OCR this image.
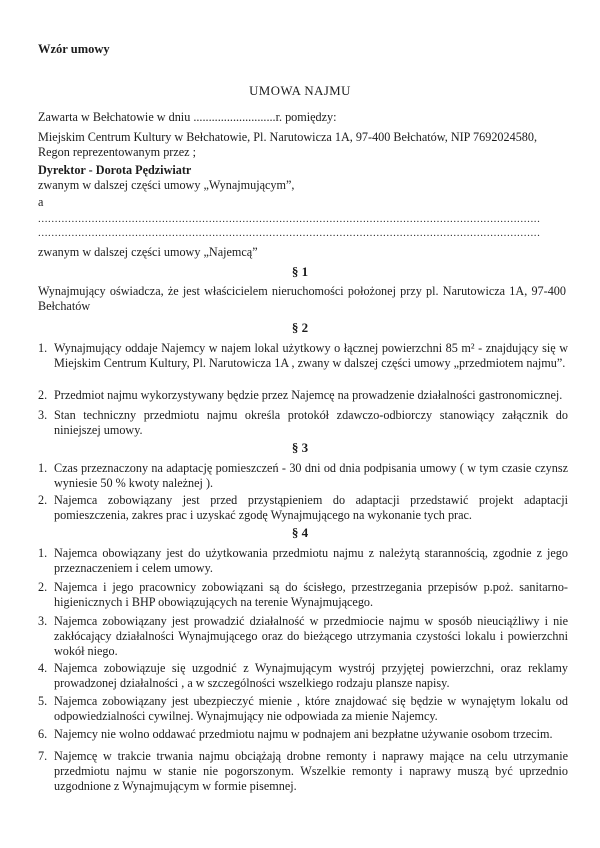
Wzór umowy
UMOWA NAJMU
Zawarta w Bełchatowie w dniu ...........................r. pomiędzy:
Miejskim Centrum Kultury w Bełchatowie, Pl. Narutowicza 1A, 97-400 Bełchatów, NIP 7692024580,
Regon reprezentowanym przez ;
Dyrektor - Dorota Pędziwiatr
zwanym w dalszej części umowy „Wynajmującym”,
a
......................................................................................................................................................
......................................................................................................................................................
zwanym w dalszej części umowy „Najemcą”
§ 1
Wynajmujący oświadcza, że jest właścicielem nieruchomości położonej przy pl. Narutowicza 1A, 97-400 Bełchatów
§ 2
1. Wynajmujący oddaje Najemcy w najem lokal użytkowy o łącznej powierzchni 85 m² - znajdujący się w Miejskim Centrum Kultury, Pl. Narutowicza 1A , zwany w dalszej części umowy „przedmiotem najmu”.
2. Przedmiot najmu wykorzystywany będzie przez Najemcę na prowadzenie działalności gastronomicznej.
3. Stan techniczny przedmiotu najmu określa protokół zdawczo-odbiorczy stanowiący załącznik do niniejszej umowy.
§ 3
1. Czas przeznaczony na adaptację pomieszczeń - 30 dni od dnia podpisania umowy ( w tym czasie czynsz wyniesie 50 % kwoty należnej ).
2. Najemca zobowiązany jest przed przystąpieniem do adaptacji przedstawić projekt adaptacji pomieszczenia, zakres prac i uzyskać zgodę Wynajmującego na wykonanie tych prac.
§ 4
1. Najemca obowiązany jest do użytkowania przedmiotu najmu z należytą starannością, zgodnie z jego przeznaczeniem i celem umowy.
2. Najemca i jego pracownicy zobowiązani są do ścisłego, przestrzegania przepisów p.poż. sanitarno-higienicznych i BHP obowiązujących na terenie Wynajmującego.
3. Najemca zobowiązany jest prowadzić działalność w przedmiocie najmu w sposób nieuciążliwy i nie zakłócający działalności Wynajmującego oraz do bieżącego utrzymania czystości lokalu i powierzchni wokół niego.
4. Najemca zobowiązuje się uzgodnić z Wynajmującym wystrój przyjętej powierzchni, oraz reklamy prowadzonej działalności , a w szczególności wszelkiego rodzaju plansze napisy.
5. Najemca zobowiązany jest ubezpieczyć mienie , które znajdować się będzie w wynajętym lokalu od odpowiedzialności cywilnej. Wynajmujący nie odpowiada za mienie Najemcy.
6. Najemcy nie wolno oddawać przedmiotu najmu w podnajem ani bezpłatne używanie osobom trzecim.
7. Najemcę w trakcie trwania najmu obciążają drobne remonty i naprawy mające na celu utrzymanie przedmiotu najmu w stanie nie pogorszonym. Wszelkie remonty i naprawy muszą być uprzednio uzgodnione z Wynajmującym w formie pisemnej.
